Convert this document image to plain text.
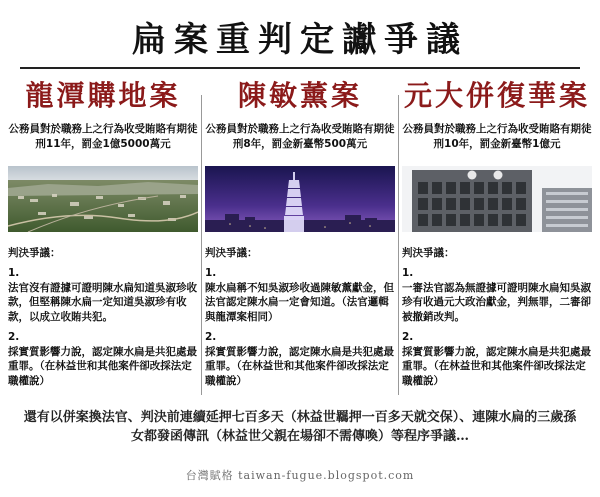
扁案重判定讞爭議
龍潭購地案
公務員對於職務上之行為收受賄賂有期徒刑11年，罰金1億5000萬元
判決爭議：
1.
法官沒有證據可證明陳水扁知道吳淑珍收款，但堅稱陳水扁一定知道吳淑珍有收款，以成立收賄共犯。
2.
採實質影響力說，認定陳水扁是共犯處最重罪。（在林益世和其他案件卻改採法定職權說）
陳敏薰案
公務員對於職務上之行為收受賄賂有期徒刑8年，罰金新臺幣500萬元
判決爭議：
1.
陳水扁稱不知吳淑珍收過陳敏薰獻金，但法官認定陳水扁一定會知道。（法官邏輯與龍潭案相同）
2.
採實質影響力說，認定陳水扁是共犯處最重罪。（在林益世和其他案件卻改採法定職權說）
元大併復華案
公務員對於職務上之行為收受賄賂有期徒刑10年，罰金新臺幣1億元
判決爭議：
1.
一審法官認為無證據可證明陳水扁知吳淑珍有收過元大政治獻金，判無罪，二審卻被撤銷改判。
2.
採實質影響力說，認定陳水扁是共犯處最重罪。（在林益世和其他案件卻改採法定職權說）
還有以併案換法官、判決前連續延押七百多天（林益世羈押一百多天就交保）、連陳水扁的三歲孫女都發函傳訊（林益世父親在場卻不需傳喚）等程序爭議…
台灣賦格 taiwan-fugue.blogspot.com
